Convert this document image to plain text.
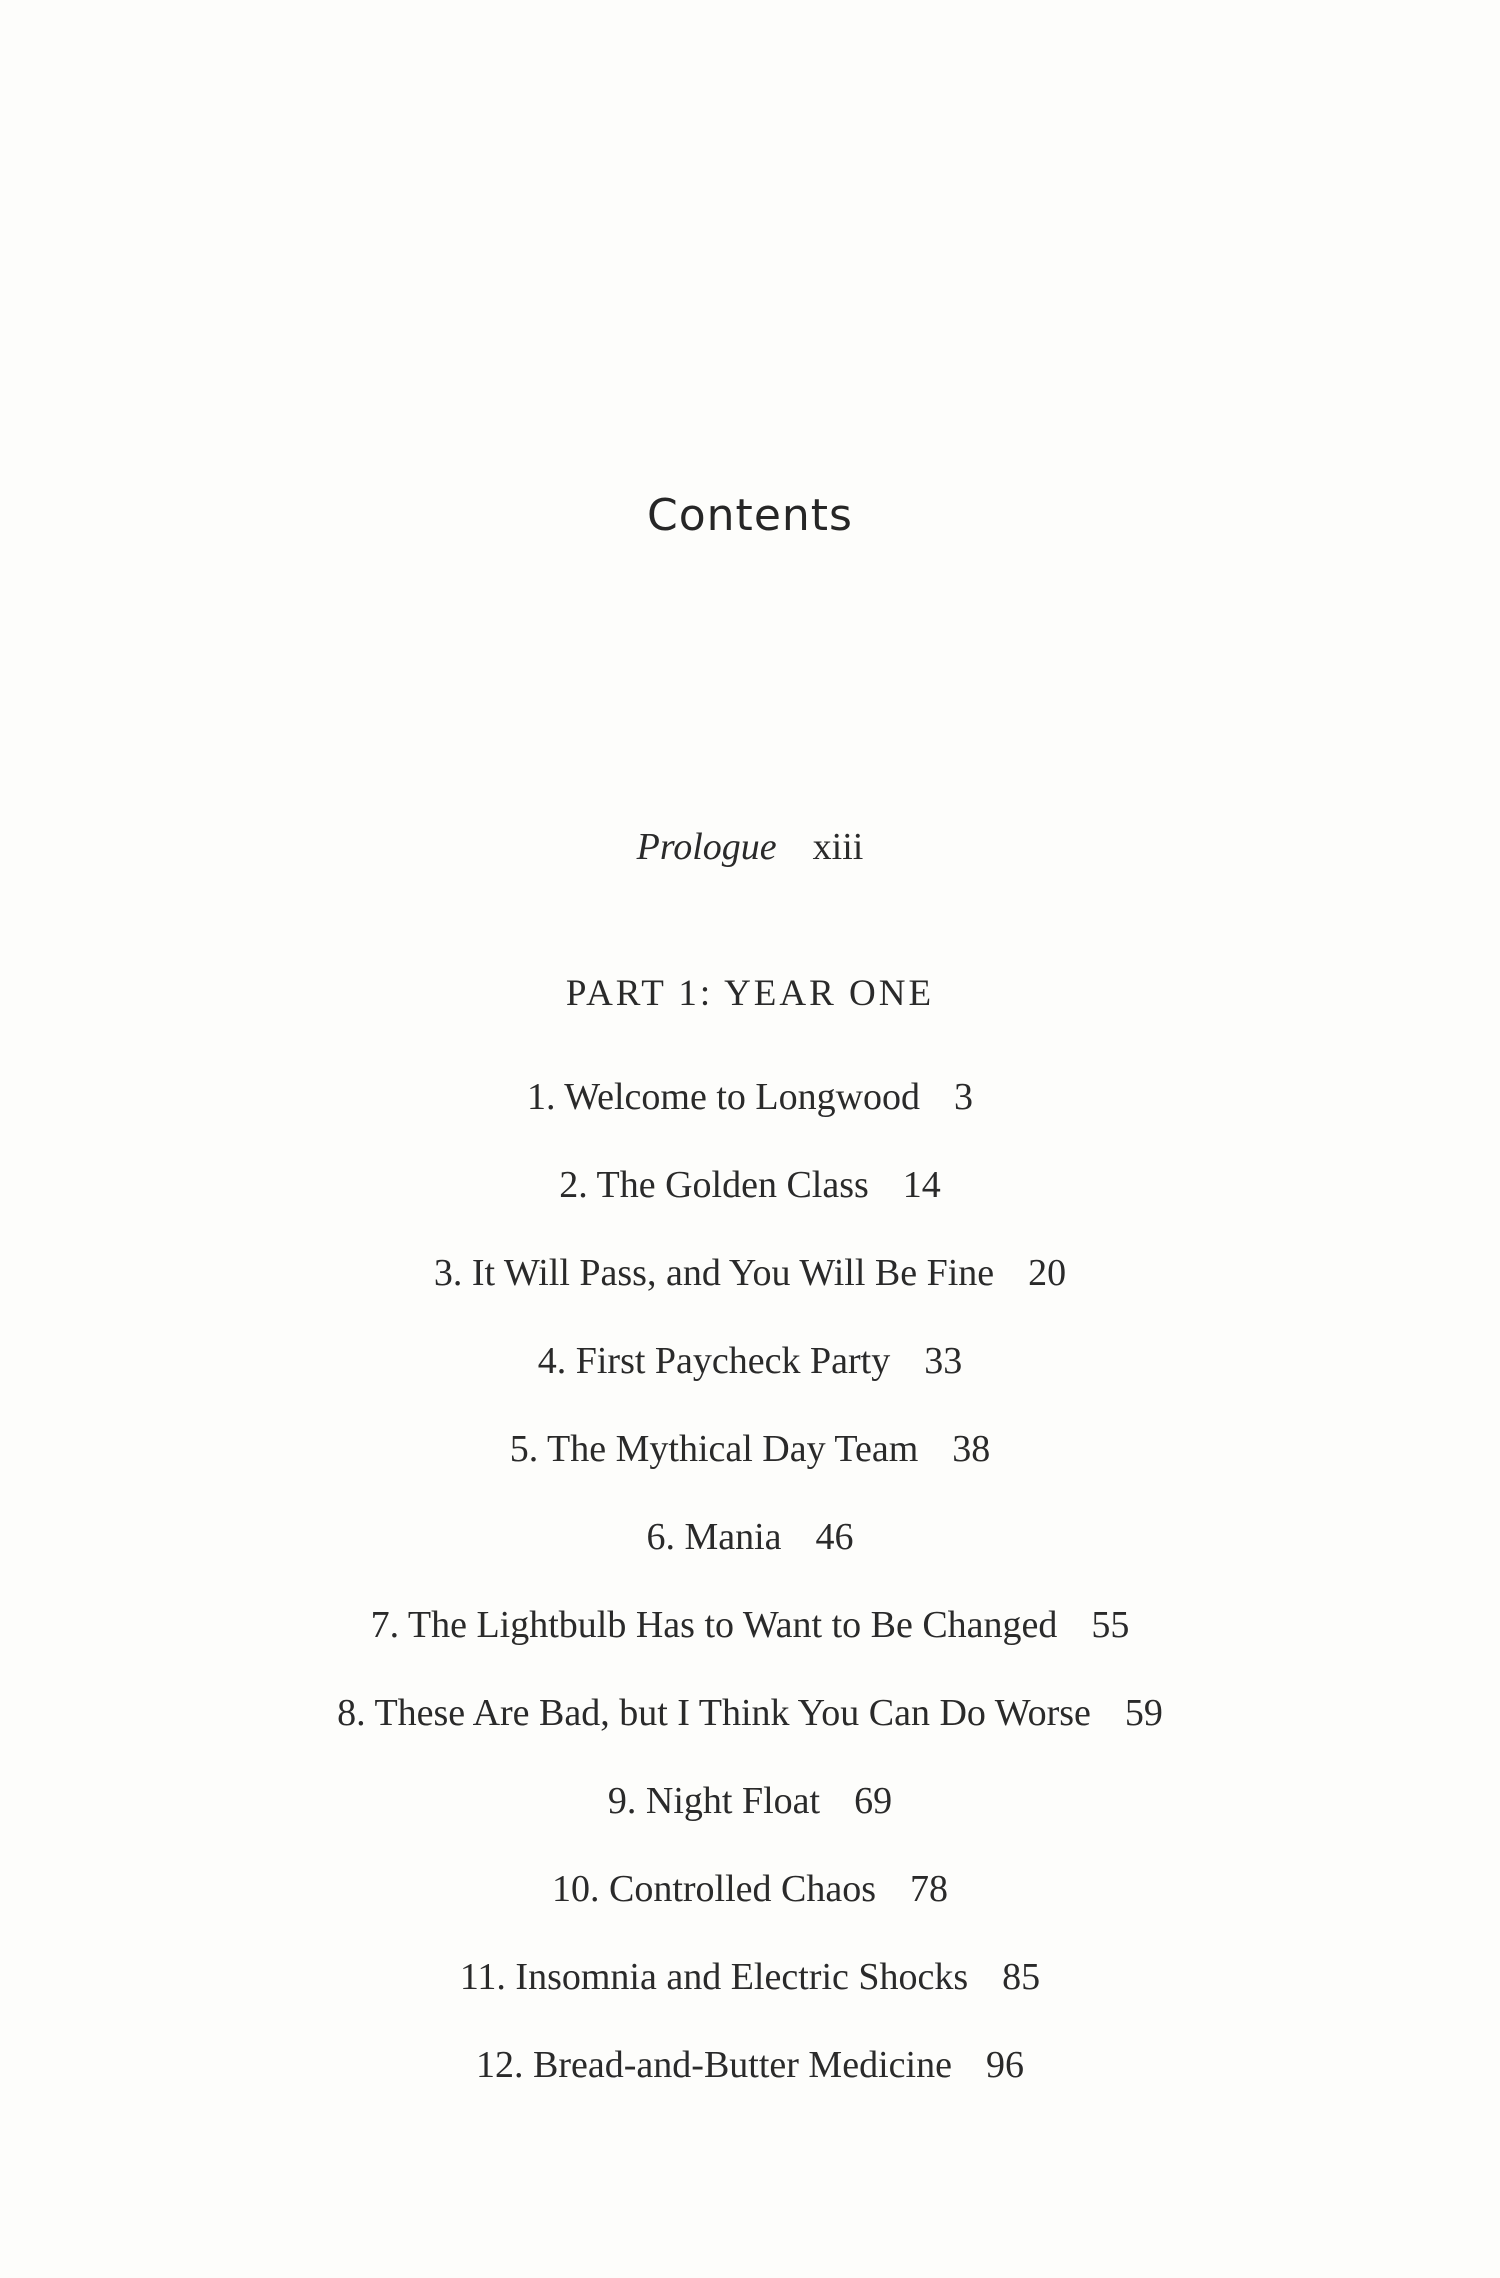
Contents
Prologue xiii
PART 1: YEAR ONE
1. Welcome to Longwood 3
2. The Golden Class 14
3. It Will Pass, and You Will Be Fine 20
4. First Paycheck Party 33
5. The Mythical Day Team 38
6. Mania 46
7. The Lightbulb Has to Want to Be Changed 55
8. These Are Bad, but I Think You Can Do Worse 59
9. Night Float 69
10. Controlled Chaos 78
11. Insomnia and Electric Shocks 85
12. Bread-and-Butter Medicine 96
